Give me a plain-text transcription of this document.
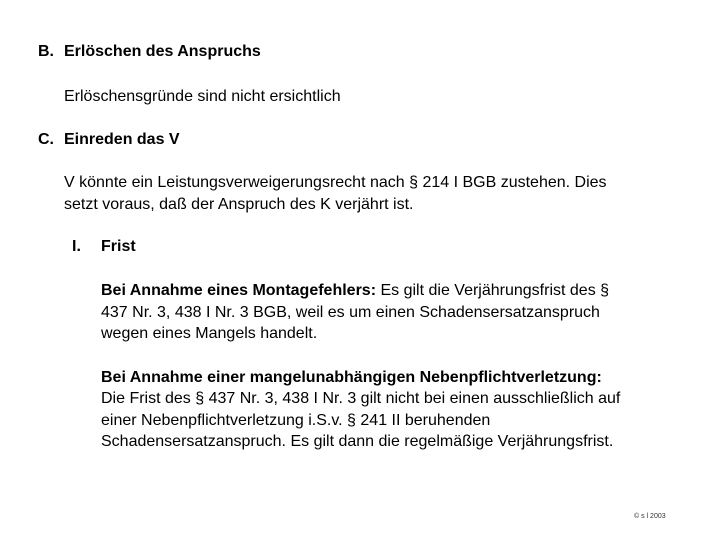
B. Erlöschen des Anspruchs
Erlöschensgründe sind nicht ersichtlich
C. Einreden das V
V könnte ein Leistungsverweigerungsrecht nach § 214 I BGB zustehen. Dies
setzt voraus, daß der Anspruch des K verjährt ist.
I. Frist
Bei Annahme eines Montagefehlers: Es gilt die Verjährungsfrist des §
437 Nr. 3, 438 I Nr. 3 BGB, weil es um einen Schadensersatzanspruch
wegen eines Mangels handelt.
Bei Annahme einer mangelunabhängigen Nebenpflichtverletzung:
Die Frist des § 437 Nr. 3, 438 I Nr. 3 gilt nicht bei einen ausschließlich auf
einer Nebenpflichtverletzung i.S.v. § 241 II beruhenden
Schadensersatzanspruch. Es gilt dann die regelmäßige Verjährungsfrist.
© s l 2003
